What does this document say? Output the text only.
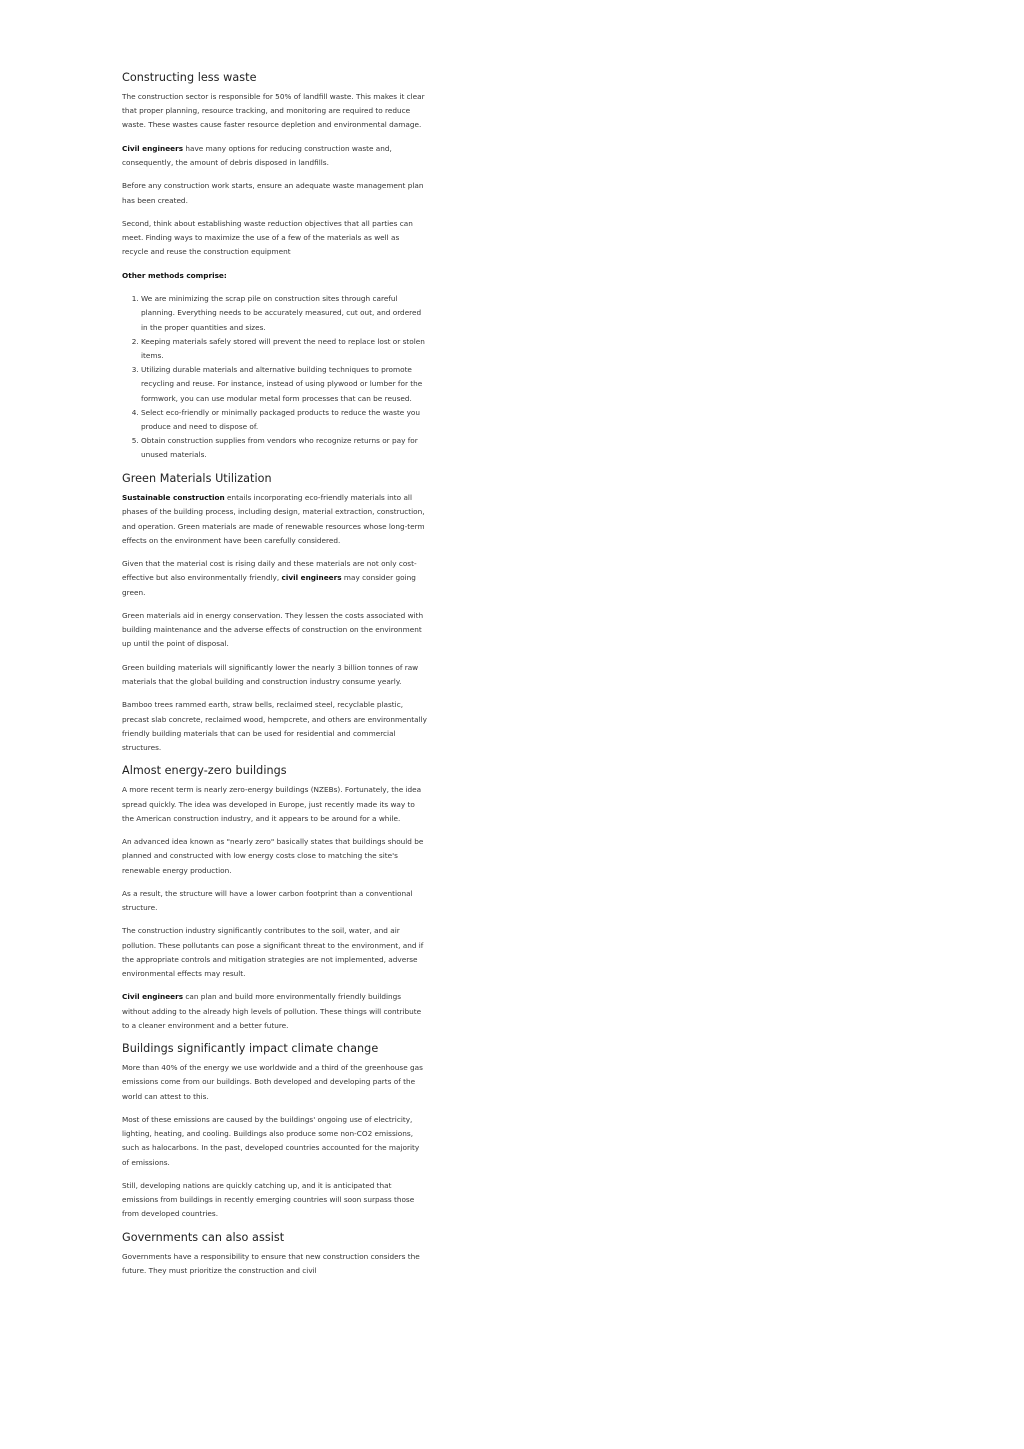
Constructing less waste

The construction sector is responsible for 50% of landfill waste. This makes it clear that proper planning, resource tracking, and monitoring are required to reduce waste. These wastes cause faster resource depletion and environmental damage.

Civil engineers have many options for reducing construction waste and, consequently, the amount of debris disposed in landfills.

Before any construction work starts, ensure an adequate waste management plan has been created.

Second, think about establishing waste reduction objectives that all parties can meet. Finding ways to maximize the use of a few of the materials as well as recycle and reuse the construction equipment

Other methods comprise:

1. We are minimizing the scrap pile on construction sites through careful planning. Everything needs to be accurately measured, cut out, and ordered in the proper quantities and sizes.
2. Keeping materials safely stored will prevent the need to replace lost or stolen items.
3. Utilizing durable materials and alternative building techniques to promote recycling and reuse. For instance, instead of using plywood or lumber for the formwork, you can use modular metal form processes that can be reused.
4. Select eco-friendly or minimally packaged products to reduce the waste you produce and need to dispose of.
5. Obtain construction supplies from vendors who recognize returns or pay for unused materials.
Green Materials Utilization

Sustainable construction entails incorporating eco-friendly materials into all phases of the building process, including design, material extraction, construction, and operation. Green materials are made of renewable resources whose long-term effects on the environment have been carefully considered.

Given that the material cost is rising daily and these materials are not only cost-effective but also environmentally friendly, civil engineers may consider going green.

Green materials aid in energy conservation. They lessen the costs associated with building maintenance and the adverse effects of construction on the environment up until the point of disposal.

Green building materials will significantly lower the nearly 3 billion tonnes of raw materials that the global building and construction industry consume yearly.

Bamboo trees rammed earth, straw bells, reclaimed steel, recyclable plastic, precast slab concrete, reclaimed wood, hempcrete, and others are environmentally friendly building materials that can be used for residential and commercial structures.

Almost energy-zero buildings

A more recent term is nearly zero-energy buildings (NZEBs). Fortunately, the idea spread quickly. The idea was developed in Europe, just recently made its way to the American construction industry, and it appears to be around for a while.

An advanced idea known as "nearly zero" basically states that buildings should be planned and constructed with low energy costs close to matching the site's renewable energy production.

As a result, the structure will have a lower carbon footprint than a conventional structure.

The construction industry significantly contributes to the soil, water, and air pollution. These pollutants can pose a significant threat to the environment, and if the appropriate controls and mitigation strategies are not implemented, adverse environmental effects may result.

Civil engineers can plan and build more environmentally friendly buildings without adding to the already high levels of pollution. These things will contribute to a cleaner environment and a better future.

Buildings significantly impact climate change

More than 40% of the energy we use worldwide and a third of the greenhouse gas emissions come from our buildings. Both developed and developing parts of the world can attest to this.

Most of these emissions are caused by the buildings' ongoing use of electricity, lighting, heating, and cooling. Buildings also produce some non-CO2 emissions, such as halocarbons. In the past, developed countries accounted for the majority of emissions.

Still, developing nations are quickly catching up, and it is anticipated that emissions from buildings in recently emerging countries will soon surpass those from developed countries.

Governments can also assist

Governments have a responsibility to ensure that new construction considers the future. They must prioritize the construction and civil
